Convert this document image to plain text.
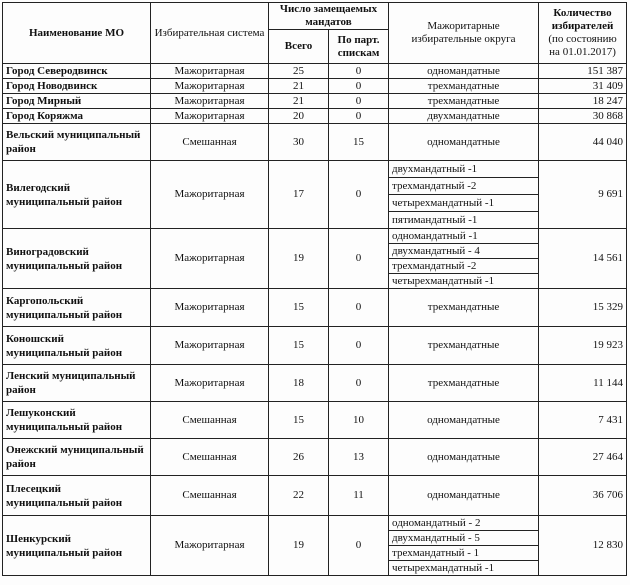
Наименование МО	Избирательная система	Число замещаемых мандатов		Мажоритарные избирательные округа	Количество избирателей
(по состоянию на 01.01.2017)

		Всего	По парт. спискам		
Город Северодвинск	Мажоритарная	25	0	одномандатные	151 387
Город Новодвинск	Мажоритарная	21	0	трехмандатные	31 409
Город Мирный	Мажоритарная	21	0	трехмандатные	18 247
Город Коряжма	Мажоритарная	20	0	двухмандатные	30 868
Вельский муниципальный район	Смешанная	30	15	одномандатные	44 040
Вилегодский муниципальный район	Мажоритарная	17	0	двухмандатный -1	9 691
				трехмандатный -2	
				четырехмандатный -1	
				пятимандатный -1	
Виноградовский муниципальный район	Мажоритарная	19	0	одномандатный -1	14 561
				двухмандатный - 4	
				трехмандатный -2	
				четырехмандатный -1	
Каргопольский муниципальный район	Мажоритарная	15	0	трехмандатные	15 329
Коношский муниципальный район	Мажоритарная	15	0	трехмандатные	19 923
Ленский муниципальный район	Мажоритарная	18	0	трехмандатные	11 144
Лешуконский муниципальный район	Смешанная	15	10	одномандатные	7 431
Онежский муниципальный район	Смешанная	26	13	одномандатные	27 464
Плесецкий муниципальный район	Смешанная	22	11	одномандатные	36 706
Шенкурский муниципальный район	Мажоритарная	19	0	одномандатный - 2	12 830
				двухмандатный - 5	
				трехмандатный - 1	
				четырехмандатный -1	
